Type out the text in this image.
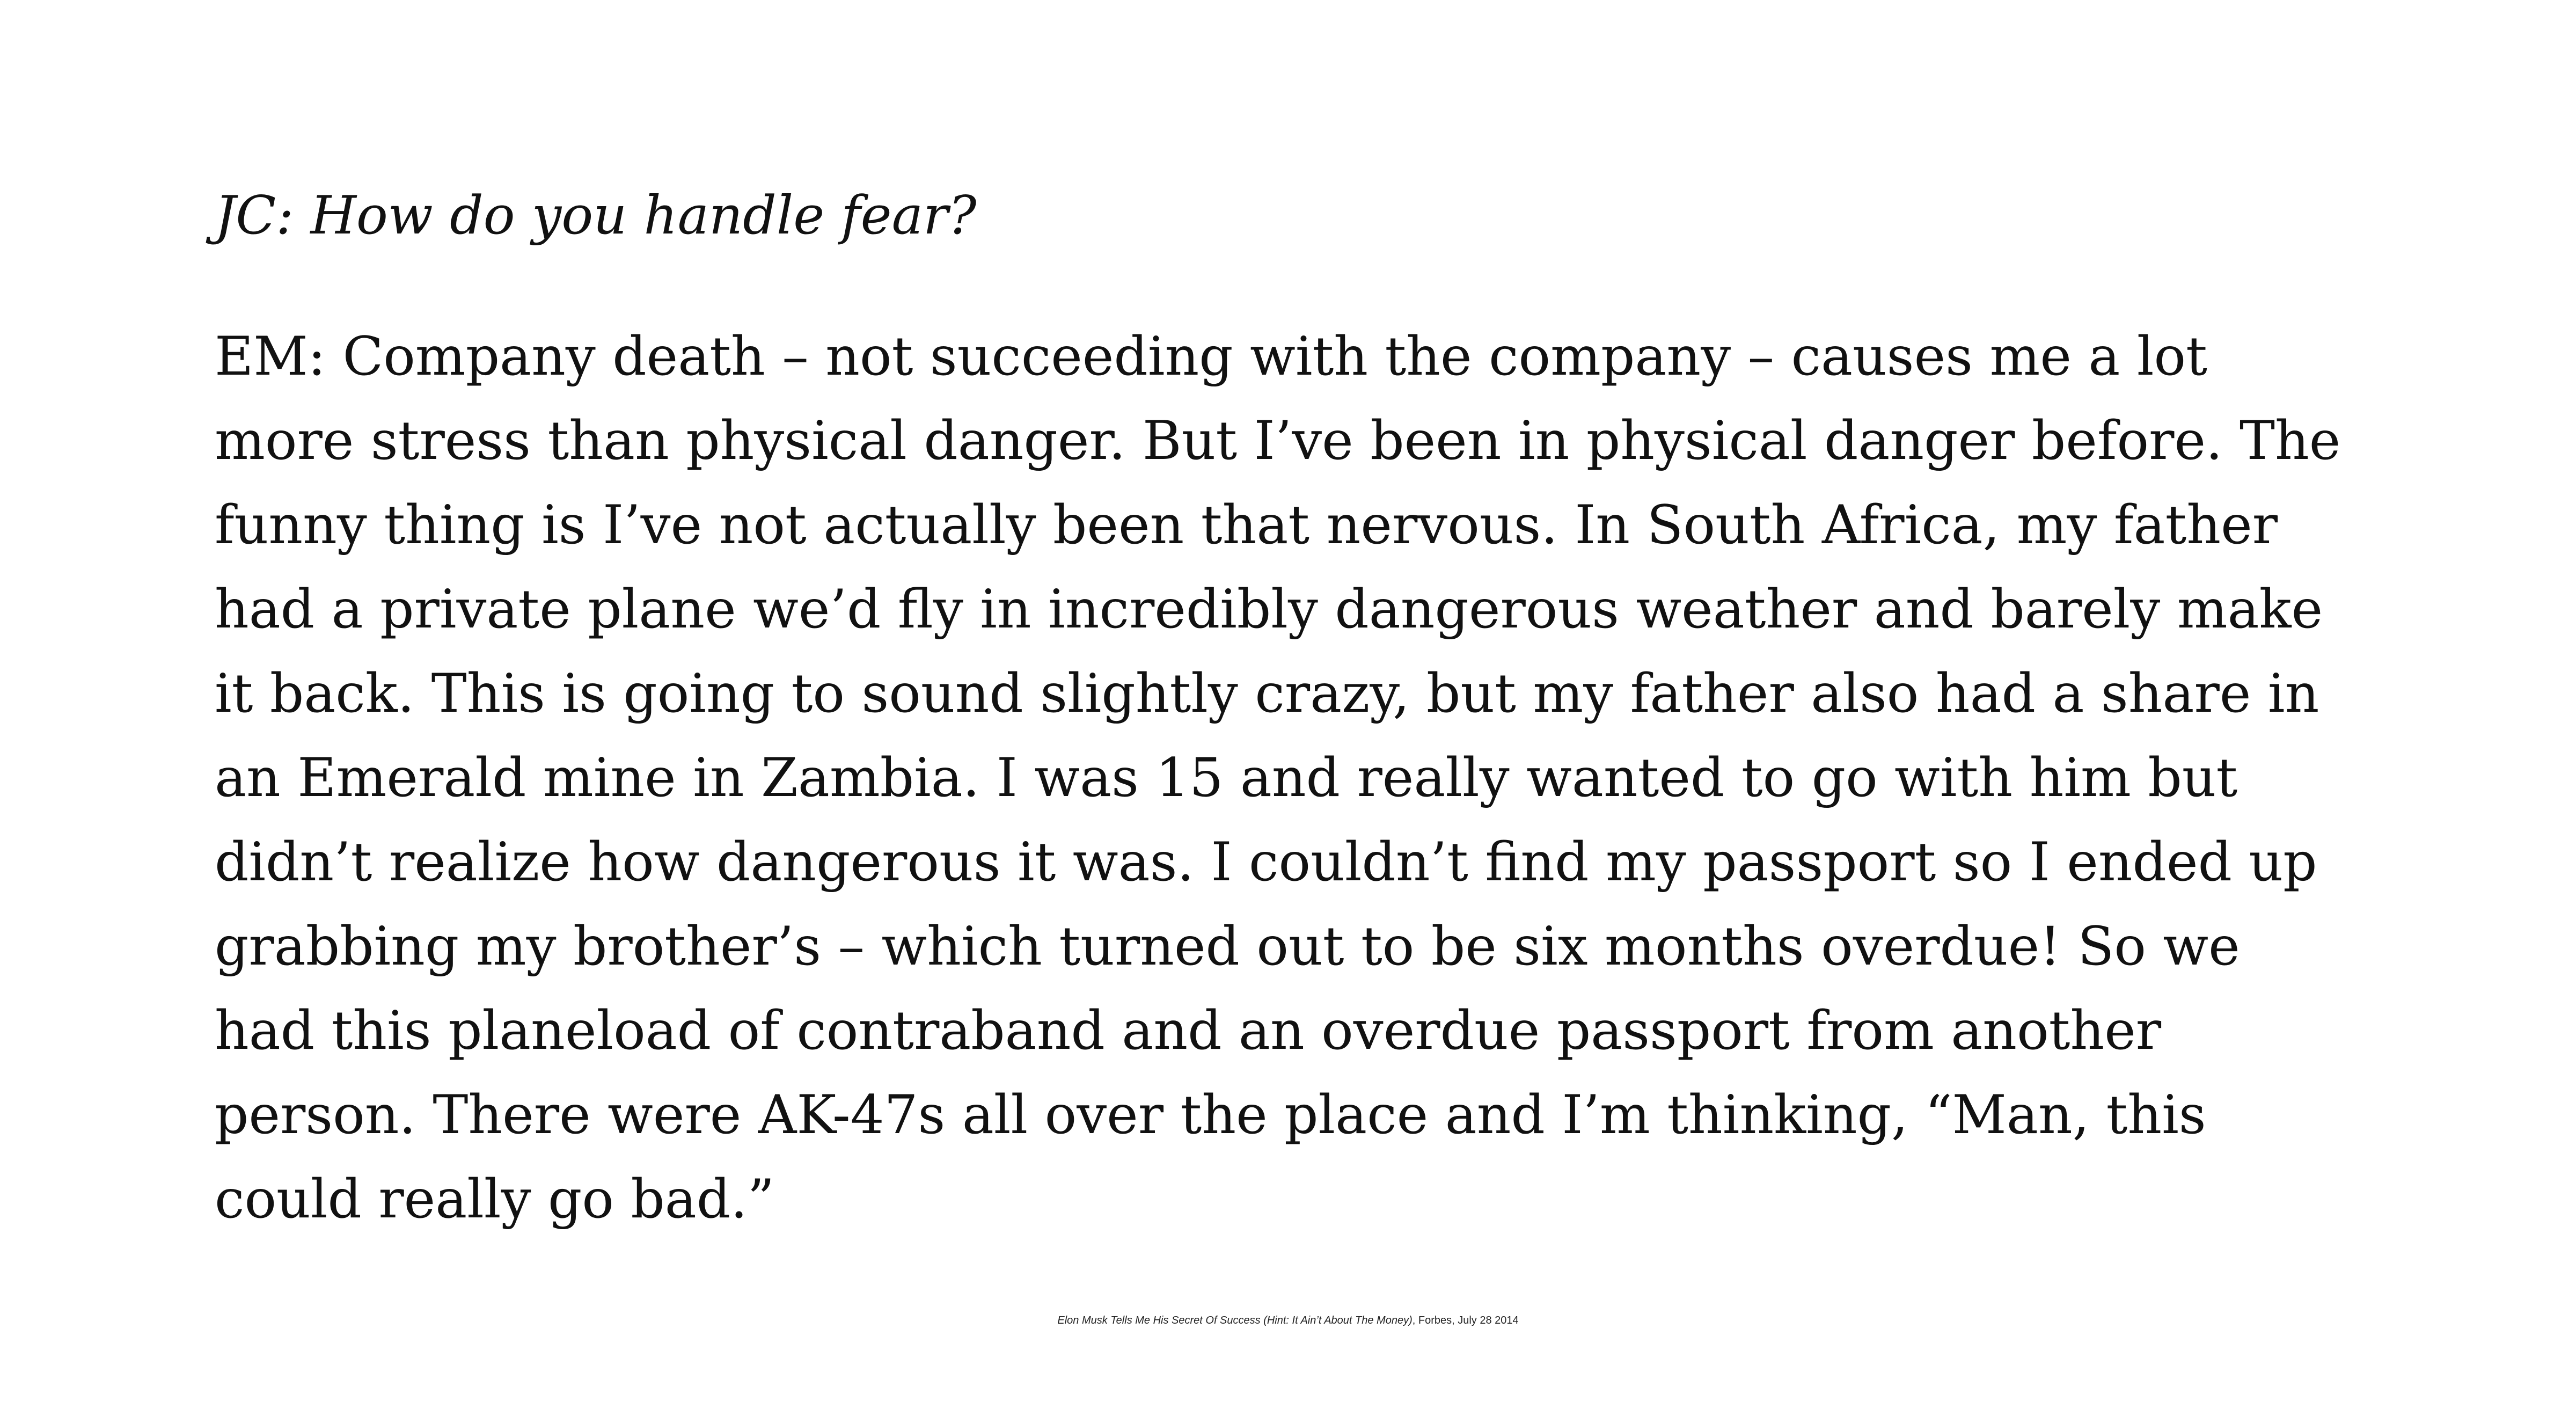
JC: How do you handle fear?
EM: Company death – not succeeding with the company – causes me a lot
more stress than physical danger. But I’ve been in physical danger before. The
funny thing is I’ve not actually been that nervous. In South Africa, my father
had a private plane we’d fly in incredibly dangerous weather and barely make
it back. This is going to sound slightly crazy, but my father also had a share in
an Emerald mine in Zambia. I was 15 and really wanted to go with him but
didn’t realize how dangerous it was. I couldn’t find my passport so I ended up
grabbing my brother’s – which turned out to be six months overdue! So we
had this planeload of contraband and an overdue passport from another
person. There were AK-47s all over the place and I’m thinking, “Man, this
could really go bad.”
Elon Musk Tells Me His Secret Of Success (Hint: It Ain’t About The Money), Forbes, July 28 2014
